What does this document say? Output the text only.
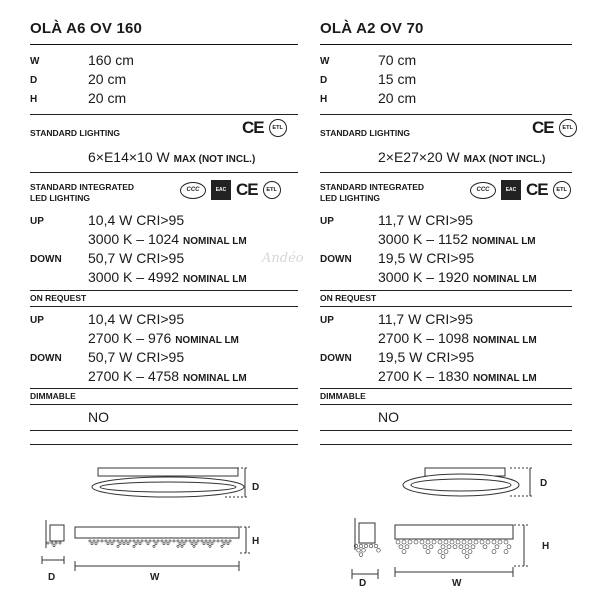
OLÀ A6 OV 160
W	160 cm
D	20 cm
H	20 cm
STANDARD LIGHTING	CE	ETL
6×E14×10 W MAX (NOT INCL.)
STANDARD INTEGRATED
LED LIGHTING
CCC	EAC CE	ETL
UP	10,4 W CRI>95
3000 K – 1024 NOMINAL LM
DOWN 50,7 W CRI>95
3000 K – 4992 NOMINAL LM
ON REQUEST
UP	10,4 W CRI>95
2700 K – 976 NOMINAL LM
DOWN 50,7 W CRI>95
2700 K – 4758 NOMINAL LM
DIMMABLE
NO
OLÀ A2 OV 70
W	70 cm
D	15 cm
H	20 cm
STANDARD LIGHTING	CE	ETL
2×E27×20 W MAX (NOT INCL.)
STANDARD INTEGRATED
LED LIGHTING
CCC	EAC CE	ETL
UP	11,7 W CRI>95
3000 K – 1152 NOMINAL LM
DOWN 19,5 W CRI>95
3000 K – 1920 NOMINAL LM
ON REQUEST
UP	11,7 W CRI>95
2700 K – 1098 NOMINAL LM
DOWN 19,5 W CRI>95
2700 K – 1830 NOMINAL LM
DIMMABLE
NO
Andéo
D
H
W
D
D
H
W
D
